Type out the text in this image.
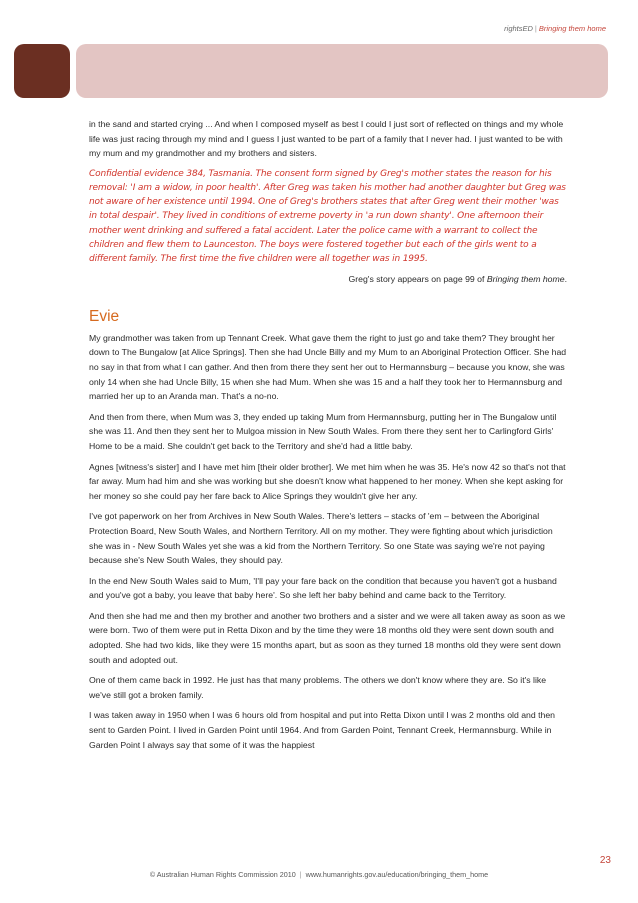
rightsED | Bringing them home

in the sand and started crying ... And when I composed myself as best I could I just sort of reflected on things and my whole life was just racing through my mind and I guess I just wanted to be part of a family that I never had. I just wanted to be with my mum and my grandmother and my brothers and sisters.

Confidential evidence 384, Tasmania. The consent form signed by Greg's mother states the reason for his removal: 'I am a widow, in poor health'. After Greg was taken his mother had another daughter but Greg was not aware of her existence until 1994. One of Greg's brothers states that after Greg went their mother 'was in total despair'. They lived in conditions of extreme poverty in 'a run down shanty'. One afternoon their mother went drinking and suffered a fatal accident. Later the police came with a warrant to collect the children and flew them to Launceston. The boys were fostered together but each of the girls went to a different family. The first time the five children were all together was in 1995.

Greg's story appears on page 99 of Bringing them home.

Evie

My grandmother was taken from up Tennant Creek. What gave them the right to just go and take them? They brought her down to The Bungalow [at Alice Springs]. Then she had Uncle Billy and my Mum to an Aboriginal Protection Officer. She had no say in that from what I can gather. And then from there they sent her out to Hermannsburg – because you know, she was only 14 when she had Uncle Billy, 15 when she had Mum. When she was 15 and a half they took her to Hermannsburg and married her up to an Aranda man. That's a no-no.

And then from there, when Mum was 3, they ended up taking Mum from Hermannsburg, putting her in The Bungalow until she was 11. And then they sent her to Mulgoa mission in New South Wales. From there they sent her to Carlingford Girls' Home to be a maid. She couldn't get back to the Territory and she'd had a little baby.

Agnes [witness's sister] and I have met him [their older brother]. We met him when he was 35. He's now 42 so that's not that far away. Mum had him and she was working but she doesn't know what happened to her money. When she kept asking for her money so she could pay her fare back to Alice Springs they wouldn't give her any.

I've got paperwork on her from Archives in New South Wales. There's letters – stacks of 'em – between the Aboriginal Protection Board, New South Wales, and Northern Territory. All on my mother. They were fighting about which jurisdiction she was in - New South Wales yet she was a kid from the Northern Territory. So one State was saying we're not paying because she's New South Wales, they should pay.

In the end New South Wales said to Mum, 'I'll pay your fare back on the condition that because you haven't got a husband and you've got a baby, you leave that baby here'. So she left her baby behind and came back to the Territory.

And then she had me and then my brother and another two brothers and a sister and we were all taken away as soon as we were born. Two of them were put in Retta Dixon and by the time they were 18 months old they were sent down south and adopted. She had two kids, like they were 15 months apart, but as soon as they turned 18 months old they were sent down south and adopted out.

One of them came back in 1992. He just has that many problems. The others we don't know where they are. So it's like we've still got a broken family.

I was taken away in 1950 when I was 6 hours old from hospital and put into Retta Dixon until I was 2 months old and then sent to Garden Point. I lived in Garden Point until 1964. And from Garden Point, Tennant Creek, Hermannsburg. While in Garden Point I always say that some of it was the happiest

23
© Australian Human Rights Commission 2010 | www.humanrights.gov.au/education/bringing_them_home
